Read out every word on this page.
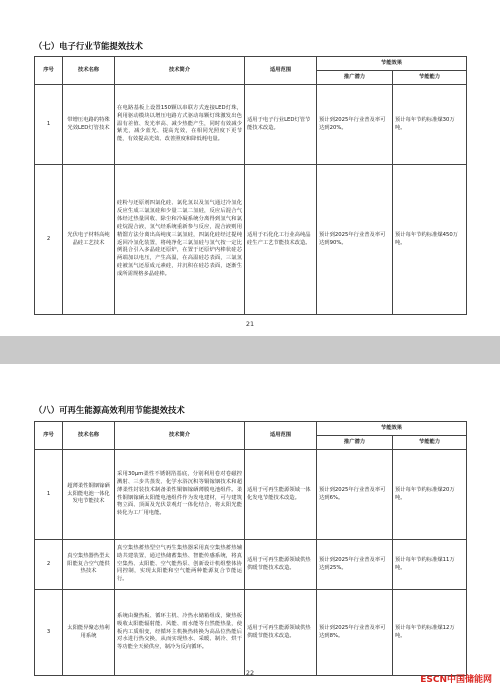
（七）电子行业节能提效技术
序号	技术名称	技术简介	适用范围	节能效果	
				推广潜力	节能能力
1	带增压电路的特殊光效LED灯管技术	在电路基板上设置150颗以串联方式连接LED灯珠，利用驱动模块以增压电路方式驱动每颗灯珠激发出色温有差值、发光率高、减少热能产生，同时有效减少紫光，减少蓝光、提高光效，在相同光照度下更节能，有效提高光效、改善照度和降低耗电量。	适用于电子行业LED灯管节能技术改造。	预计到2025年行业普及率可达到20%。	预计每年节约标准煤30万吨。
2	光伏电子材料高纯晶硅工艺技术	硅粉与还原剂四氯化硅、氯化氢以及氢气通过冷氢化反应生成三氯氢硅和少量二氯二氢硅，反应后混合气体经过热量回收、除尘和冷凝系统分离得到氢气和氯硅烷混合液，氢气经系统重新参与反应，混合液则用精馏方法分离出高纯度三氯氢硅，四氯化硅经过提纯返回冷氢化装置，将纯净化三氯氢硅与氢气按一定比例混合引入多晶硅还原炉，在置于还原炉内棒状硅芯两端加以电压，产生高温，在高温硅芯表面，三氯氢硅被氢气还原成元素硅，并沉积在硅芯表面，逐渐生成所需规格多晶硅棒。	适用于石化化工行业高纯晶硅生产工艺节能技术改造。	预计到2025年行业普及率可达到90%。	预计每年节约标准煤450万吨。
21
（八）可再生能源高效利用节能提效技术
序号	技术名称	技术简介	适用范围	节能效果	
				推广潜力	节能能力
1	超薄柔性铜铟镓硒太阳能电池一体化发电节能技术	采用30μm柔性不锈钢箔基底，分别利用卷对卷磁控溅射、三步共蒸发、化学水浴沉积等铜镓铟技术和超薄柔性封装技术制备柔性铜铟镓硒薄膜电池组件。柔性铜铟镓硒太阳能电池组件作为发电建材，可与建筑物立面、顶面及光伏景观灯一体化结合，将太阳光能转化为工厂用电能。	适用于可再生能源领域一体化发电节能技术改造。	预计到2025年行业普及率可达到6%。	预计每年节约标准煤20万吨。
2	真空集热器热型太阳能复合空气能供热技术	真空集热蓄热型空气再生集热器采用真空集热蓄热辅助共建装置，通过热储蓄集热、智能传感系统，将真空集热、太阳能、空气能热泵、创新设计机组整体协同控制，实现太阳能和空气能两种能源复合节能运行。	适用于可再生能源领域供热供暖节能技术改造。	预计到2025年行业普及率可达到25%。	预计每年节约标准煤11万吨。
3	太阳能异聚态热利用系统	系统由聚热板、循环主机、冷热水储箱组成，聚热板吸收太阳能辐射能、风能、雨水能等自然能热量，使板内工质相变，经循环主机换热转换为高品位热能后对水进行热交换，从而实现热水、采暖、制冷、烘干等功能全天候供应，制冷为反向循环。	适用于可再生能源领域供热供暖节能技术改造。	预计到2025年行业普及率可达到8%。	预计每年节约标准煤12万吨。
22
ESCN中国储能网
